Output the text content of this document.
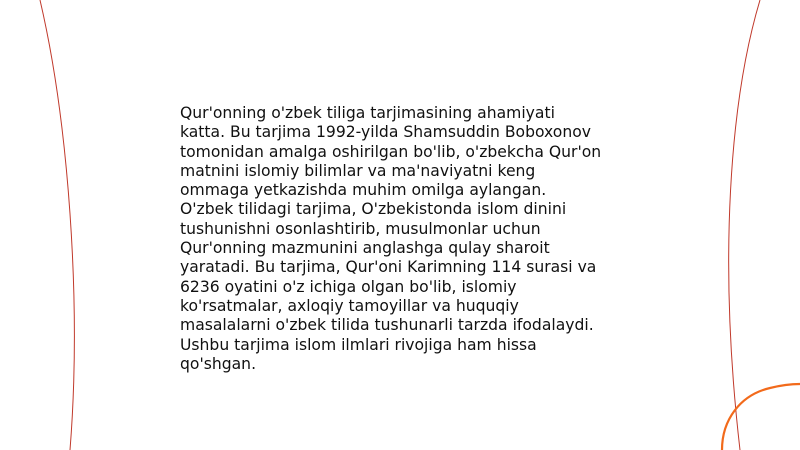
Qur'onning o'zbek tiliga tarjimasining ahamiyati
katta. Bu tarjima 1992-yilda Shamsuddin Boboxonov
tomonidan amalga oshirilgan bo'lib, o'zbekcha Qur'on
matnini islomiy bilimlar va ma'naviyatni keng
ommaga yetkazishda muhim omilga aylangan.
O'zbek tilidagi tarjima, O'zbekistonda islom dinini
tushunishni osonlashtirib, musulmonlar uchun
Qur'onning mazmunini anglashga qulay sharoit
yaratadi. Bu tarjima, Qur'oni Karimning 114 surasi va
6236 oyatini o'z ichiga olgan bo'lib, islomiy
ko'rsatmalar, axloqiy tamoyillar va huquqiy
masalalarni o'zbek tilida tushunarli tarzda ifodalaydi.
Ushbu tarjima islom ilmlari rivojiga ham hissa
qo'shgan.
